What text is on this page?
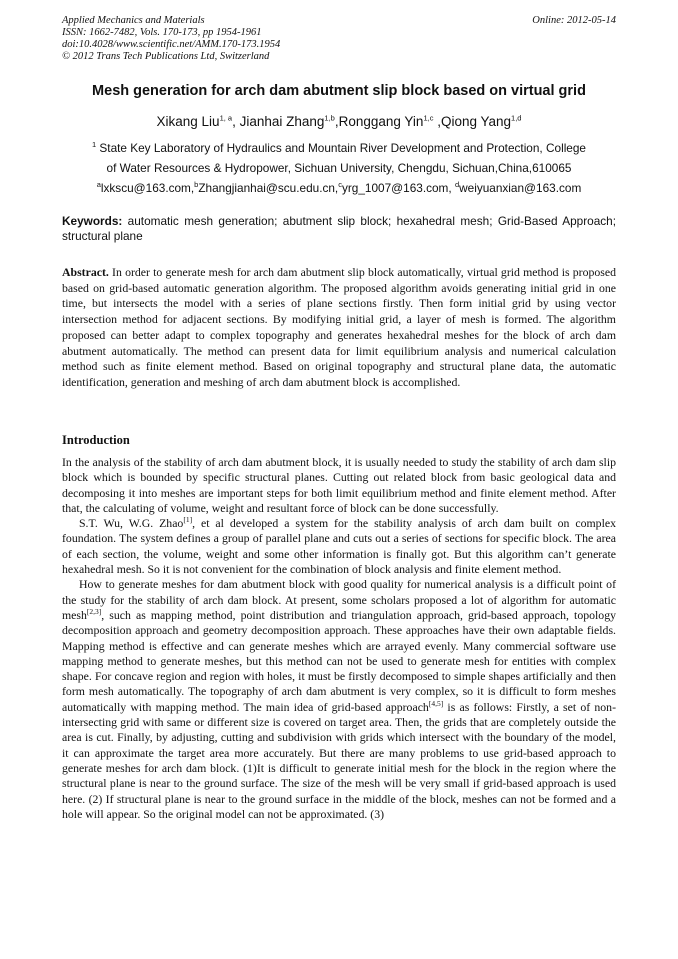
Applied Mechanics and Materials
ISSN: 1662-7482, Vols. 170-173, pp 1954-1961
doi:10.4028/www.scientific.net/AMM.170-173.1954
© 2012 Trans Tech Publications Ltd, Switzerland
Online: 2012-05-14
Mesh generation for arch dam abutment slip block based on virtual grid
Xikang Liu$^{1, a}$, Jianhai Zhang$^{1,b}$,Ronggang Yin$^{1,c}$ ,Qiong Yang$^{1,d}$
$^1$ State Key Laboratory of Hydraulics and Mountain River Development and Protection, College
of Water Resources & Hydropower, Sichuan University, Chengdu, Sichuan,China,610065
$^a$lxkscu@163.com,$^b$Zhangjianhai@scu.edu.cn,$^c$yrg_1007@163.com, $^d$weiyuanxian@163.com
Keywords: automatic mesh generation; abutment slip block; hexahedral mesh; Grid-Based Approach; structural plane
Abstract. In order to generate mesh for arch dam abutment slip block automatically, virtual grid method is proposed based on grid-based automatic generation algorithm. The proposed algorithm avoids generating initial grid in one time, but intersects the model with a series of plane sections firstly. Then form initial grid by using vector intersection method for adjacent sections. By modifying initial grid, a layer of mesh is formed. The algorithm proposed can better adapt to complex topography and generates hexahedral meshes for the block of arch dam abutment automatically. The method can present data for limit equilibrium analysis and numerical calculation method such as finite element method. Based on original topography and structural plane data, the automatic identification, generation and meshing of arch dam abutment block is accomplished.
Introduction

In the analysis of the stability of arch dam abutment block, it is usually needed to study the stability of arch dam slip block which is bounded by specific structural planes. Cutting out related block from basic geological data and decomposing it into meshes are important steps for both limit equilibrium method and finite element method. After that, the calculating of volume, weight and resultant force of block can be done successfully.

S.T. Wu, W.G. Zhao[1], et al developed a system for the stability analysis of arch dam built on complex foundation. The system defines a group of parallel plane and cuts out a series of sections for specific block. The area of each section, the volume, weight and some other information is finally got. But this algorithm can’t generate hexahedral mesh. So it is not convenient for the combination of block analysis and finite element method.

How to generate meshes for dam abutment block with good quality for numerical analysis is a difficult point of the study for the stability of arch dam block. At present, some scholars proposed a lot of algorithm for automatic mesh[2,3], such as mapping method, point distribution and triangulation approach, grid-based approach, topology decomposition approach and geometry decomposition approach. These approaches have their own adaptable fields. Mapping method is effective and can generate meshes which are arrayed evenly. Many commercial software use mapping method to generate meshes, but this method can not be used to generate mesh for entities with complex shape. For concave region and region with holes, it must be firstly decomposed to simple shapes artificially and then form mesh automatically. The topography of arch dam abutment is very complex, so it is difficult to form meshes automatically with mapping method. The main idea of grid-based approach[4,5] is as follows: Firstly, a set of non-intersecting grid with same or different size is covered on target area. Then, the grids that are completely outside the area is cut. Finally, by adjusting, cutting and subdivision with grids which intersect with the boundary of the model, it can approximate the target area more accurately. But there are many problems to use grid-based approach to generate meshes for arch dam block. (1)It is difficult to generate initial mesh for the block in the region where the structural plane is near to the ground surface. The size of the mesh will be very small if grid-based approach is used here. (2) If structural plane is near to the ground surface in the middle of the block, meshes can not be formed and a hole will appear. So the original model can not be approximated. (3)
